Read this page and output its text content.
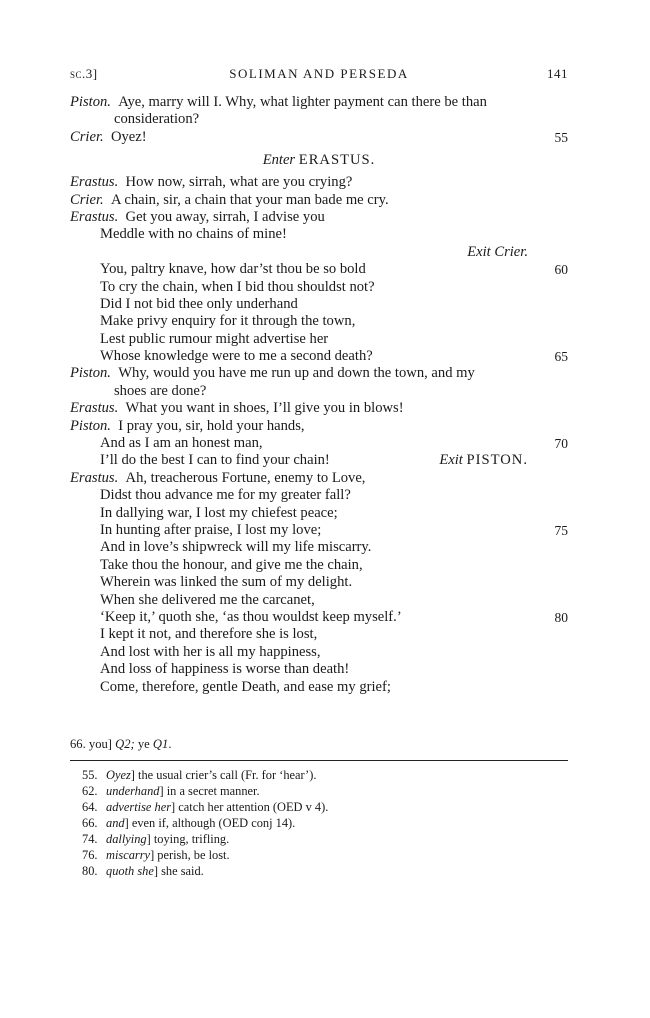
sc.3]	SOLIMAN AND PERSEDA	141
Piston. Aye, marry will I. Why, what lighter payment can there be than
consideration?
Crier. Oyez!	55
Enter ERASTUS.
Erastus. How now, sirrah, what are you crying?
Crier. A chain, sir, a chain that your man bade me cry.
Erastus. Get you away, sirrah, I advise you
Meddle with no chains of mine!
Exit Crier.
You, paltry knave, how dar’st thou be so bold	60
To cry the chain, when I bid thou shouldst not?
Did I not bid thee only underhand
Make privy enquiry for it through the town,
Lest public rumour might advertise her
Whose knowledge were to me a second death?	65
Piston. Why, would you have me run up and down the town, and my
shoes are done?
Erastus. What you want in shoes, I’ll give you in blows!
Piston. I pray you, sir, hold your hands,
And as I am an honest man,	70
I’ll do the best I can to find your chain!	Exit PISTON.
Erastus. Ah, treacherous Fortune, enemy to Love,
Didst thou advance me for my greater fall?
In dallying war, I lost my chiefest peace;
In hunting after praise, I lost my love;	75
And in love’s shipwreck will my life miscarry.
Take thou the honour, and give me the chain,
Wherein was linked the sum of my delight.
When she delivered me the carcanet,
‘Keep it,’ quoth she, ‘as thou wouldst keep myself.’	80
I kept it not, and therefore she is lost,
And lost with her is all my happiness,
And loss of happiness is worse than death!
Come, therefore, gentle Death, and ease my grief;
66. you] Q2; ye Q1.
55. Oyez] the usual crier’s call (Fr. for ‘hear’).
62. underhand] in a secret manner.
64. advertise her] catch her attention (OED v 4).
66. and] even if, although (OED conj 14).
74. dallying] toying, trifling.
76. miscarry] perish, be lost.
80. quoth she] she said.
